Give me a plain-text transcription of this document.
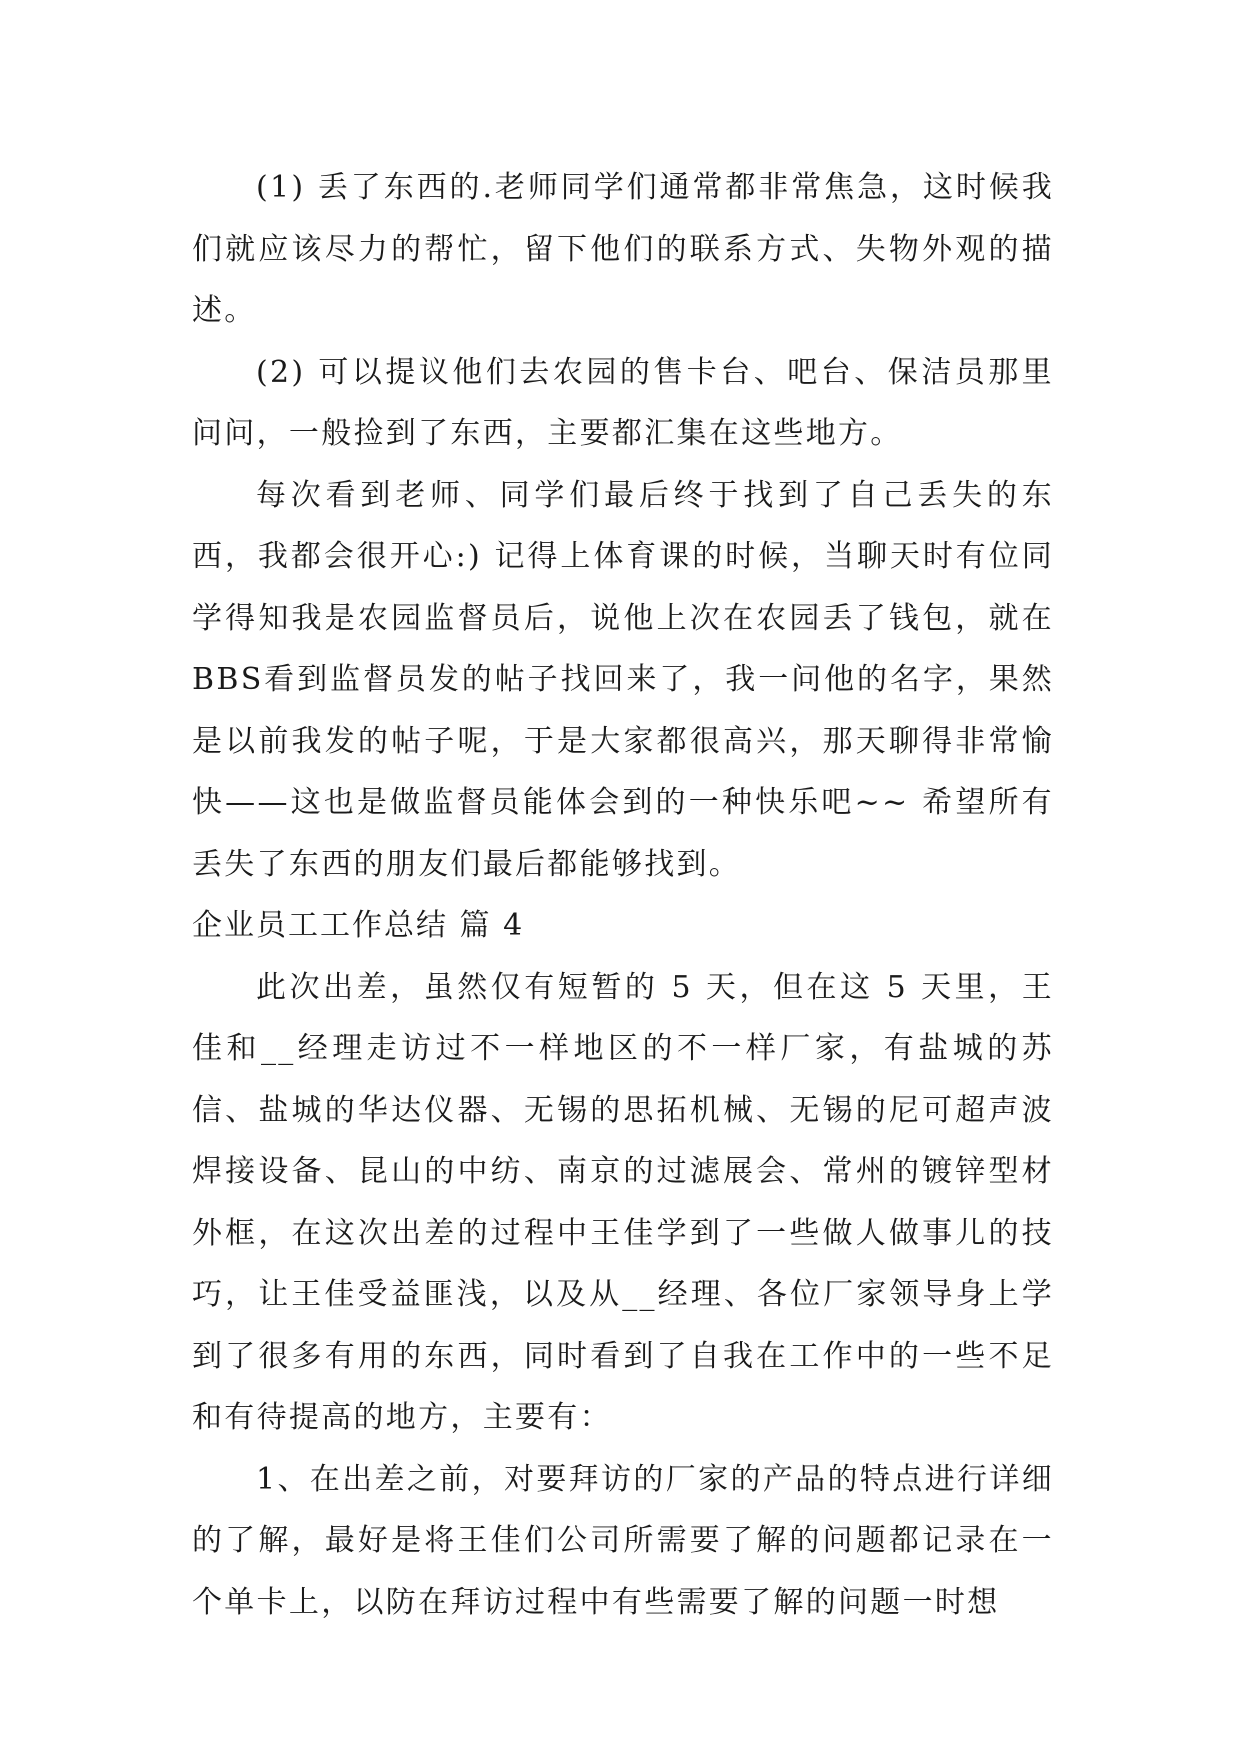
(1) 丢了东西的.老师同学们通常都非常焦急，这时候我们就应该尽力的帮忙，留下他们的联系方式、失物外观的描述。

(2) 可以提议他们去农园的售卡台、吧台、保洁员那里问问，一般捡到了东西，主要都汇集在这些地方。

每次看到老师、同学们最后终于找到了自己丢失的东西，我都会很开心:) 记得上体育课的时候，当聊天时有位同学得知我是农园监督员后，说他上次在农园丢了钱包，就在BBS看到监督员发的帖子找回来了，我一问他的名字，果然是以前我发的帖子呢，于是大家都很高兴，那天聊得非常愉快——这也是做监督员能体会到的一种快乐吧~~ 希望所有丢失了东西的朋友们最后都能够找到。

企业员工工作总结 篇 4

此次出差，虽然仅有短暂的 5 天，但在这 5 天里，王佳和__经理走访过不一样地区的不一样厂家，有盐城的苏信、盐城的华达仪器、无锡的思拓机械、无锡的尼可超声波焊接设备、昆山的中纺、南京的过滤展会、常州的镀锌型材外框，在这次出差的过程中王佳学到了一些做人做事儿的技巧，让王佳受益匪浅，以及从__经理、各位厂家领导身上学到了很多有用的东西，同时看到了自我在工作中的一些不足和有待提高的地方，主要有：

1、在出差之前，对要拜访的厂家的产品的特点进行详细的了解，最好是将王佳们公司所需要了解的问题都记录在一个单卡上，以防在拜访过程中有些需要了解的问题一时想
